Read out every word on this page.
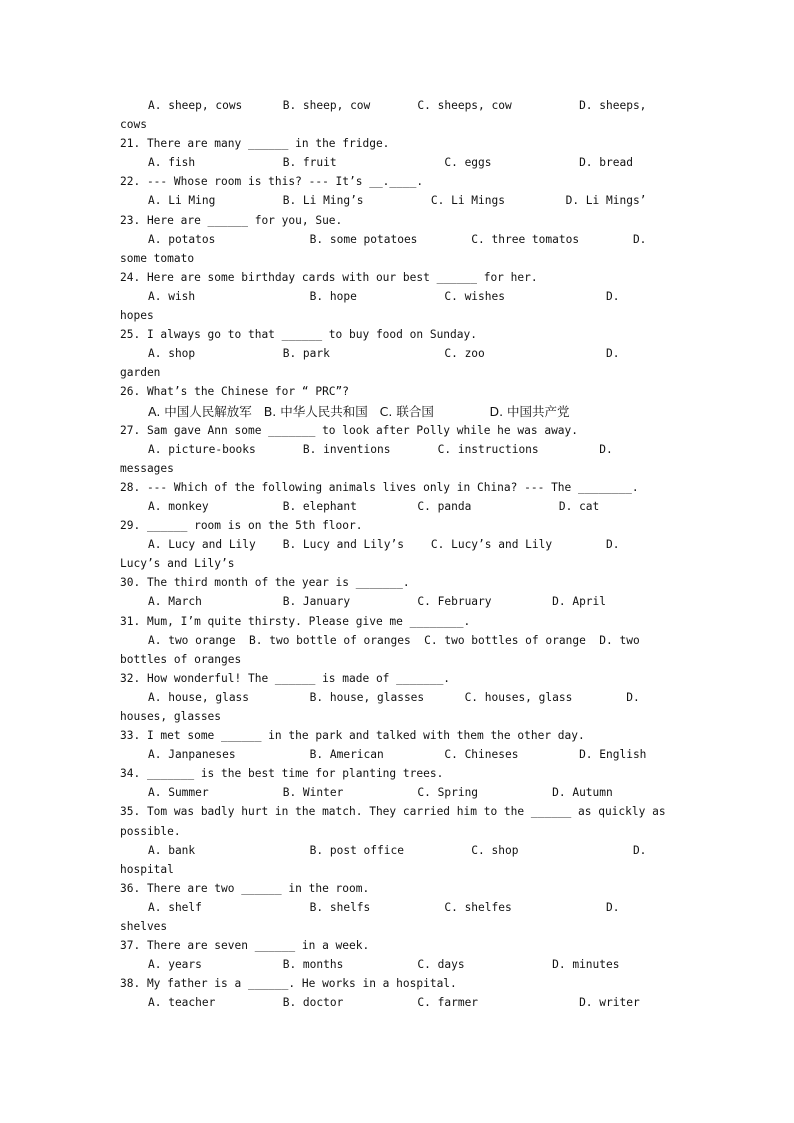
A. sheep, cows      B. sheep, cow       C. sheeps, cow          D. sheeps,
cows
21. There are many ______ in the fridge.
A. fish             B. fruit                C. eggs             D. bread
22. --- Whose room is this? --- It’s __.____.
A. Li Ming          B. Li Ming’s          C. Li Mings         D. Li Mings’
23. Here are ______ for you, Sue.
A. potatos              B. some potatoes        C. three tomatos        D.
some tomato
24. Here are some birthday cards with our best ______ for her.
A. wish                 B. hope             C. wishes               D.
hopes
25. I always go to that ______ to buy food on Sunday.
A. shop             B. park                 C. zoo                  D.
garden
26. What’s the Chinese for “ PRC”?
A. 中国人民解放军   B. 中华人民共和国   C. 联合国              D. 中国共产党
27. Sam gave Ann some _______ to look after Polly while he was away.
A. picture-books       B. inventions       C. instructions         D.
messages
28. --- Which of the following animals lives only in China? --- The ________.
A. monkey           B. elephant         C. panda             D. cat
29. ______ room is on the 5th floor.
A. Lucy and Lily    B. Lucy and Lily’s    C. Lucy’s and Lily        D.
Lucy’s and Lily’s
30. The third month of the year is _______.
A. March            B. January          C. February         D. April
31. Mum, I’m quite thirsty. Please give me ________.
A. two orange  B. two bottle of oranges  C. two bottles of orange  D. two
bottles of oranges
32. How wonderful! The ______ is made of _______.
A. house, glass         B. house, glasses      C. houses, glass        D.
houses, glasses
33. I met some ______ in the park and talked with them the other day.
A. Janpaneses           B. American         C. Chineses         D. English
34. _______ is the best time for planting trees.
A. Summer           B. Winter           C. Spring           D. Autumn
35. Tom was badly hurt in the match. They carried him to the ______ as quickly as
possible.
A. bank                 B. post office          C. shop                 D.
hospital
36. There are two ______ in the room.
A. shelf                B. shelfs           C. shelfes              D.
shelves
37. There are seven ______ in a week.
A. years            B. months           C. days             D. minutes
38. My father is a ______. He works in a hospital.
A. teacher          B. doctor           C. farmer               D. writer
